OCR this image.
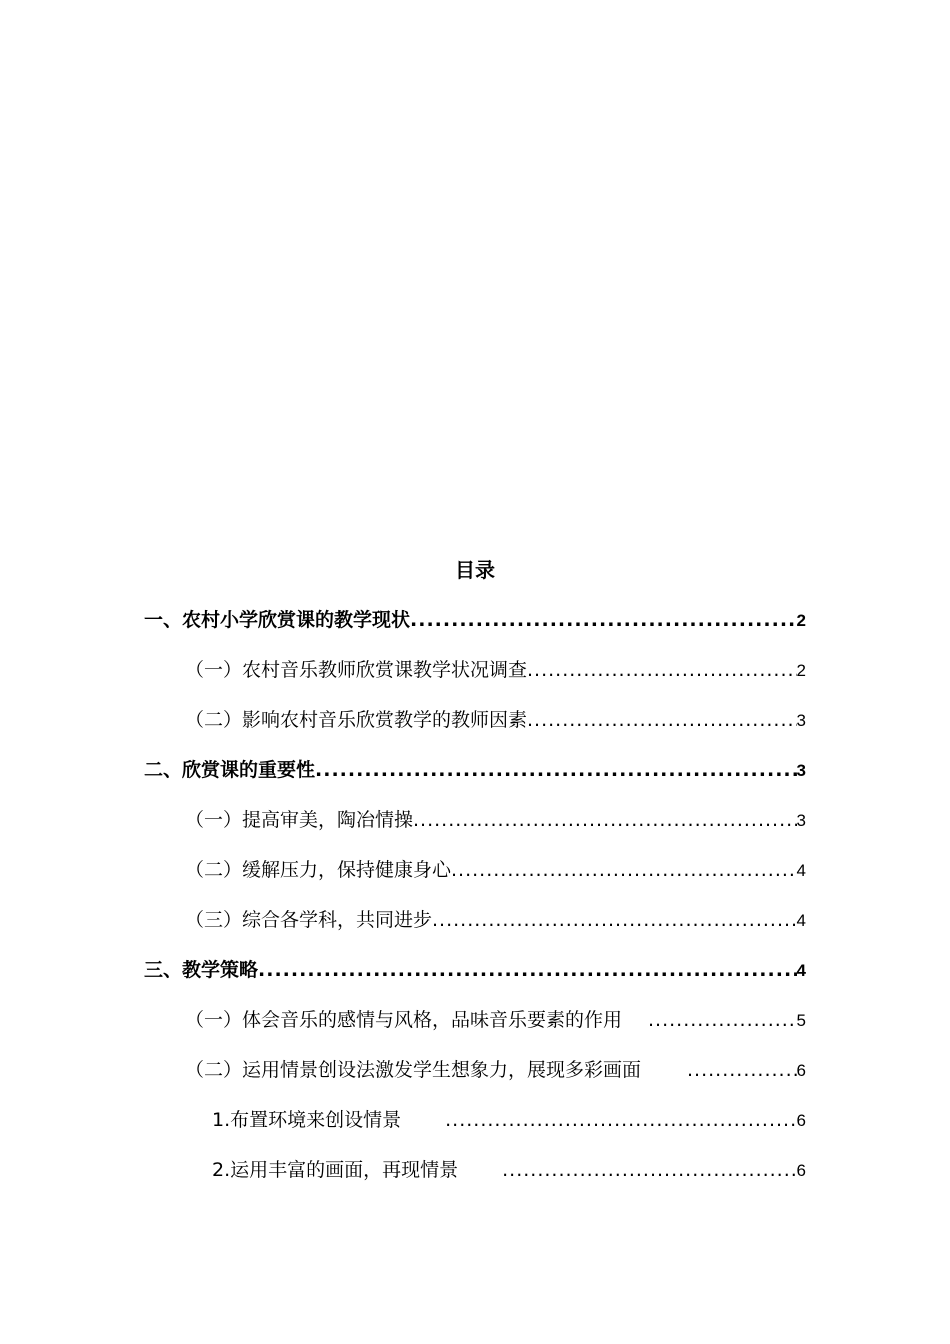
目录
一、农村小学欣赏课的教学现状 .....	2
（一）农村音乐教师欣赏课教学状况调查 .....	2
（二）影响农村音乐欣赏教学的教师因素 .....	3
二、欣赏课的重要性 .....	3
（一）提高审美，陶冶情操 .....	3
（二）缓解压力，保持健康身心 .....	4
（三）综合各学科，共同进步 .....	4
三、教学策略 .....	4
（一）体会音乐的感情与风格，品味音乐要素的作用 .....	5
（二）运用情景创设法激发学生想象力，展现多彩画面 .....	6
1.布置环境来创设情景 .....	6
2.运用丰富的画面，再现情景 .....	6
